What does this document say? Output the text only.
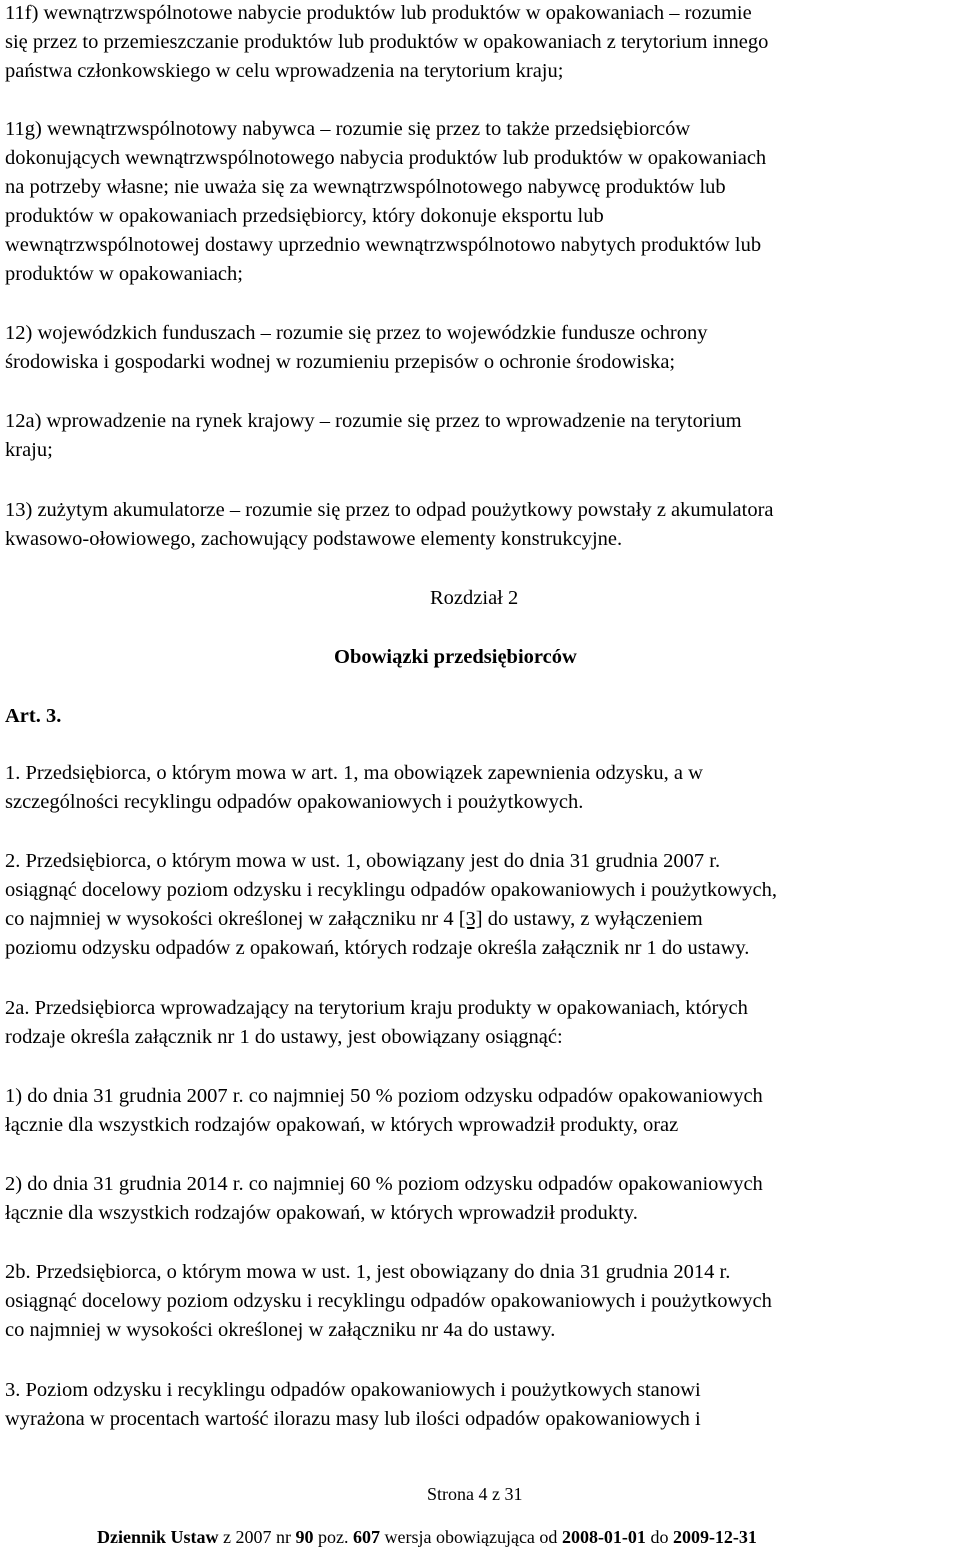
11f) wewnątrzwspólnotowe nabycie produktów lub produktów w opakowaniach – rozumie

się przez to przemieszczanie produktów lub produktów w opakowaniach z terytorium innego

państwa członkowskiego w celu wprowadzenia na terytorium kraju;

11g) wewnątrzwspólnotowy nabywca – rozumie się przez to także przedsiębiorców

dokonujących wewnątrzwspólnotowego nabycia produktów lub produktów w opakowaniach

na potrzeby własne; nie uważa się za wewnątrzwspólnotowego nabywcę produktów lub

produktów w opakowaniach przedsiębiorcy, który dokonuje eksportu lub

wewnątrzwspólnotowej dostawy uprzednio wewnątrzwspólnotowo nabytych produktów lub

produktów w opakowaniach;

12) wojewódzkich funduszach – rozumie się przez to wojewódzkie fundusze ochrony

środowiska i gospodarki wodnej w rozumieniu przepisów o ochronie środowiska;

12a) wprowadzenie na rynek krajowy – rozumie się przez to wprowadzenie na terytorium

kraju;

13) zużytym akumulatorze – rozumie się przez to odpad poużytkowy powstały z akumulatora

kwasowo-ołowiowego, zachowujący podstawowe elementy konstrukcyjne.

Rozdział 2
Obowiązki przedsiębiorców
Art. 3.

1. Przedsiębiorca, o którym mowa w art. 1, ma obowiązek zapewnienia odzysku, a w

szczególności recyklingu odpadów opakowaniowych i poużytkowych.

2. Przedsiębiorca, o którym mowa w ust. 1, obowiązany jest do dnia 31 grudnia 2007 r.

osiągnąć docelowy poziom odzysku i recyklingu odpadów opakowaniowych i poużytkowych,

co najmniej w wysokości określonej w załączniku nr 4 [3] do ustawy, z wyłączeniem

poziomu odzysku odpadów z opakowań, których rodzaje określa załącznik nr 1 do ustawy.

2a. Przedsiębiorca wprowadzający na terytorium kraju produkty w opakowaniach, których

rodzaje określa załącznik nr 1 do ustawy, jest obowiązany osiągnąć:

1) do dnia 31 grudnia 2007 r. co najmniej 50 % poziom odzysku odpadów opakowaniowych

łącznie dla wszystkich rodzajów opakowań, w których wprowadził produkty, oraz

2) do dnia 31 grudnia 2014 r. co najmniej 60 % poziom odzysku odpadów opakowaniowych

łącznie dla wszystkich rodzajów opakowań, w których wprowadził produkty.

2b. Przedsiębiorca, o którym mowa w ust. 1, jest obowiązany do dnia 31 grudnia 2014 r.

osiągnąć docelowy poziom odzysku i recyklingu odpadów opakowaniowych i poużytkowych

co najmniej w wysokości określonej w załączniku nr 4a do ustawy.

3. Poziom odzysku i recyklingu odpadów opakowaniowych i poużytkowych stanowi

wyrażona w procentach wartość ilorazu masy lub ilości odpadów opakowaniowych i

Strona 4 z 31
Dziennik Ustaw z 2007 nr 90 poz. 607 wersja obowiązująca od 2008-01-01 do 2009-12-31
